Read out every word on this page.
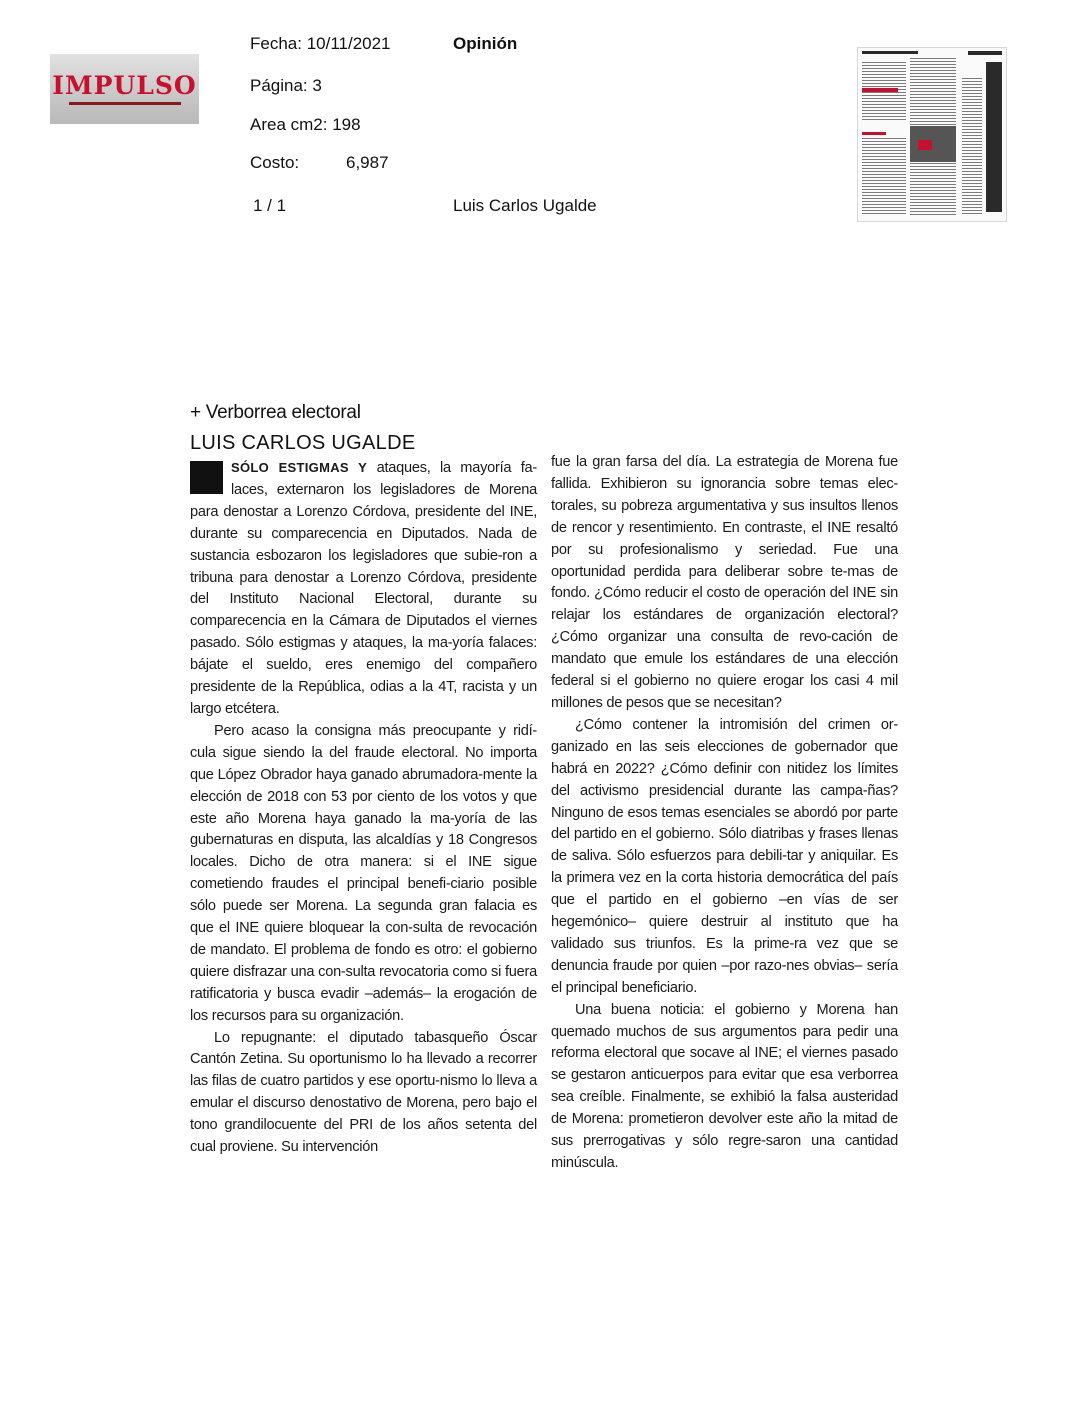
IMPULSO
Fecha: 10/11/2021	Opinión
Página: 3
Area cm2: 198
Costo:	6,987
1 / 1	Luis Carlos Ugalde
+ Verborrea electoral
LUIS CARLOS UGALDE

SÓLO ESTIGMAS Y ataques, la mayoría fa-laces, externaron los legisladores de Morena para denostar a Lorenzo Córdova, presidente del INE, durante su comparecencia en Diputados. Nada de sustancia esbozaron los legisladores que subie-ron a tribuna para denostar a Lorenzo Córdova, presidente del Instituto Nacional Electoral, durante su comparecencia en la Cámara de Diputados el viernes pasado. Sólo estigmas y ataques, la ma-yoría falaces: bájate el sueldo, eres enemigo del compañero presidente de la República, odias a la 4T, racista y un largo etcétera.

Pero acaso la consigna más preocupante y ridí-cula sigue siendo la del fraude electoral. No importa que López Obrador haya ganado abrumadora-mente la elección de 2018 con 53 por ciento de los votos y que este año Morena haya ganado la ma-yoría de las gubernaturas en disputa, las alcaldías y 18 Congresos locales. Dicho de otra manera: si el INE sigue cometiendo fraudes el principal benefi-ciario posible sólo puede ser Morena. La segunda gran falacia es que el INE quiere bloquear la con-sulta de revocación de mandato. El problema de fondo es otro: el gobierno quiere disfrazar una con-sulta revocatoria como si fuera ratificatoria y busca evadir –además– la erogación de los recursos para su organización.

Lo repugnante: el diputado tabasqueño Óscar Cantón Zetina. Su oportunismo lo ha llevado a recorrer las filas de cuatro partidos y ese oportu-nismo lo lleva a emular el discurso denostativo de Morena, pero bajo el tono grandilocuente del PRI de los años setenta del cual proviene. Su intervención

fue la gran farsa del día. La estrategia de Morena fue fallida. Exhibieron su ignorancia sobre temas elec-torales, su pobreza argumentativa y sus insultos llenos de rencor y resentimiento. En contraste, el INE resaltó por su profesionalismo y seriedad. Fue una oportunidad perdida para deliberar sobre te-mas de fondo. ¿Cómo reducir el costo de operación del INE sin relajar los estándares de organización electoral? ¿Cómo organizar una consulta de revo-cación de mandato que emule los estándares de una elección federal si el gobierno no quiere erogar los casi 4 mil millones de pesos que se necesitan?

¿Cómo contener la intromisión del crimen or-ganizado en las seis elecciones de gobernador que habrá en 2022? ¿Cómo definir con nitidez los límites del activismo presidencial durante las campa-ñas? Ninguno de esos temas esenciales se abordó por parte del partido en el gobierno. Sólo diatribas y frases llenas de saliva. Sólo esfuerzos para debili-tar y aniquilar. Es la primera vez en la corta historia democrática del país que el partido en el gobierno –en vías de ser hegemónico– quiere destruir al instituto que ha validado sus triunfos. Es la prime-ra vez que se denuncia fraude por quien –por razo-nes obvias– sería el principal beneficiario.

Una buena noticia: el gobierno y Morena han quemado muchos de sus argumentos para pedir una reforma electoral que socave al INE; el viernes pasado se gestaron anticuerpos para evitar que esa verborrea sea creíble. Finalmente, se exhibió la falsa austeridad de Morena: prometieron devolver este año la mitad de sus prerrogativas y sólo regre-saron una cantidad minúscula.
